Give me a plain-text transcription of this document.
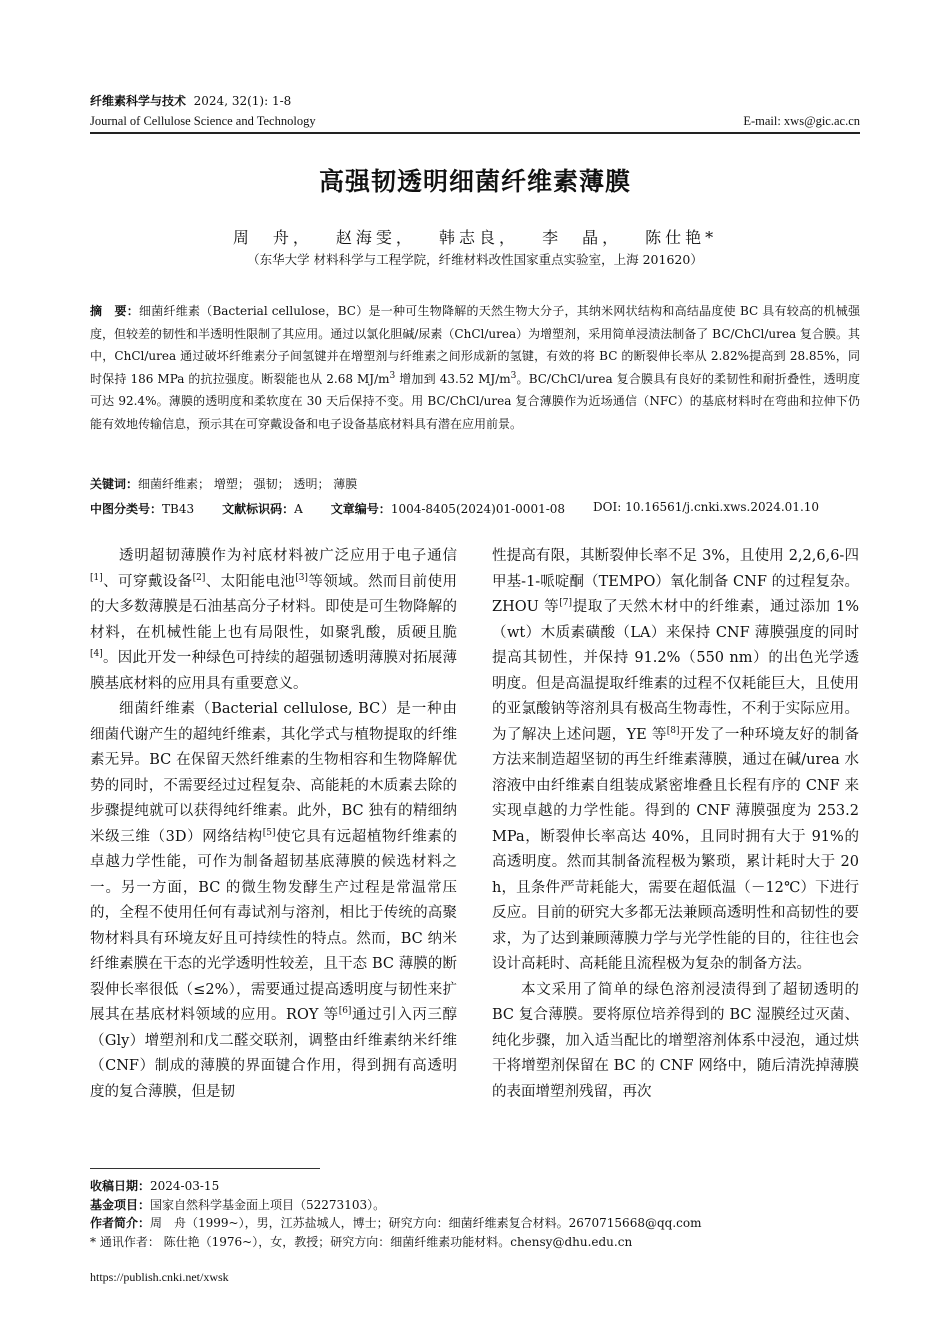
纤维素科学与技术 2024, 32(1): 1-8
Journal of Cellulose Science and Technology	E-mail: xws@gic.ac.cn
高强韧透明细菌纤维素薄膜
周　舟， 赵海雯， 韩志良， 李　晶， 陈仕艳*
（东华大学 材料科学与工程学院，纤维材料改性国家重点实验室，上海 201620）
摘　要：细菌纤维素（Bacterial cellulose，BC）是一种可生物降解的天然生物大分子，其纳米网状结构和高结晶度使 BC 具有较高的机械强度，但较差的韧性和半透明性限制了其应用。通过以氯化胆碱/尿素（ChCl/urea）为增塑剂，采用简单浸渍法制备了 BC/ChCl/urea 复合膜。其中，ChCl/urea 通过破坏纤维素分子间氢键并在增塑剂与纤维素之间形成新的氢键，有效的将 BC 的断裂伸长率从 2.82%提高到 28.85%，同时保持 186 MPa 的抗拉强度。断裂能也从 2.68 $MJ/m^3$ 增加到 43.52 $MJ/m^3$。BC/ChCl/urea 复合膜具有良好的柔韧性和耐折叠性，透明度可达 92.4%。薄膜的透明度和柔软度在 30 天后保持不变。用 BC/ChCl/urea 复合薄膜作为近场通信（NFC）的基底材料时在弯曲和拉伸下仍能有效地传输信息，预示其在可穿戴设备和电子设备基底材料具有潜在应用前景。
关键词：细菌纤维素； 增塑； 强韧； 透明； 薄膜
中图分类号：TB43 文献标识码：A 文章编号：1004-8405(2024)01-0001-08 DOI: 10.16561/j.cnki.xws.2024.01.10

透明超韧薄膜作为衬底材料被广泛应用于电子通信[1]、可穿戴设备[2]、太阳能电池[3]等领域。然而目前使用的大多数薄膜是石油基高分子材料。即使是可生物降解的材料，在机械性能上也有局限性，如聚乳酸，质硬且脆[4]。因此开发一种绿色可持续的超强韧透明薄膜对拓展薄膜基底材料的应用具有重要意义。

细菌纤维素（Bacterial cellulose, BC）是一种由细菌代谢产生的超纯纤维素，其化学式与植物提取的纤维素无异。BC 在保留天然纤维素的生物相容和生物降解优势的同时，不需要经过过程复杂、高能耗的木质素去除的步骤提纯就可以获得纯纤维素。此外，BC 独有的精细纳米级三维（3D）网络结构[5]使它具有远超植物纤维素的卓越力学性能，可作为制备超韧基底薄膜的候选材料之一。另一方面，BC 的微生物发酵生产过程是常温常压的，全程不使用任何有毒试剂与溶剂，相比于传统的高聚物材料具有环境友好且可持续性的特点。然而，BC 纳米纤维素膜在干态的光学透明性较差，且干态 BC 薄膜的断裂伸长率很低（≤2%），需要通过提高透明度与韧性来扩展其在基底材料领域的应用。ROY 等[6]通过引入丙三醇（Gly）增塑剂和戊二醛交联剂，调整由纤维素纳米纤维（CNF）制成的薄膜的界面键合作用，得到拥有高透明度的复合薄膜，但是韧

性提高有限，其断裂伸长率不足 3%，且使用 2,2,6,6-四甲基-1-哌啶酮（TEMPO）氧化制备 CNF 的过程复杂。ZHOU 等[7]提取了天然木材中的纤维素，通过添加 1%（wt）木质素磺酸（LA）来保持 CNF 薄膜强度的同时提高其韧性，并保持 91.2%（550 nm）的出色光学透明度。但是高温提取纤维素的过程不仅耗能巨大，且使用的亚氯酸钠等溶剂具有极高生物毒性，不利于实际应用。为了解决上述问题，YE 等[8]开发了一种环境友好的制备方法来制造超坚韧的再生纤维素薄膜，通过在碱/urea 水溶液中由纤维素自组装成紧密堆叠且长程有序的 CNF 来实现卓越的力学性能。得到的 CNF 薄膜强度为 253.2 MPa，断裂伸长率高达 40%，且同时拥有大于 91%的高透明度。然而其制备流程极为繁琐，累计耗时大于 20 h，且条件严苛耗能大，需要在超低温（－12℃）下进行反应。目前的研究大多都无法兼顾高透明性和高韧性的要求，为了达到兼顾薄膜力学与光学性能的目的，往往也会设计高耗时、高耗能且流程极为复杂的制备方法。

本文采用了简单的绿色溶剂浸渍得到了超韧透明的 BC 复合薄膜。要将原位培养得到的 BC 湿膜经过灭菌、纯化步骤，加入适当配比的增塑溶剂体系中浸泡，通过烘干将增塑剂保留在 BC 的 CNF 网络中，随后清洗掉薄膜的表面增塑剂残留，再次

收稿日期：2024-03-15
基金项目：国家自然科学基金面上项目（52273103）。
作者简介：周　舟（1999~），男，江苏盐城人，博士；研究方向：细菌纤维素复合材料。2670715668@qq.com
* 通讯作者： 陈仕艳（1976~），女，教授；研究方向：细菌纤维素功能材料。chensy@dhu.edu.cn
https://publish.cnki.net/xwsk
